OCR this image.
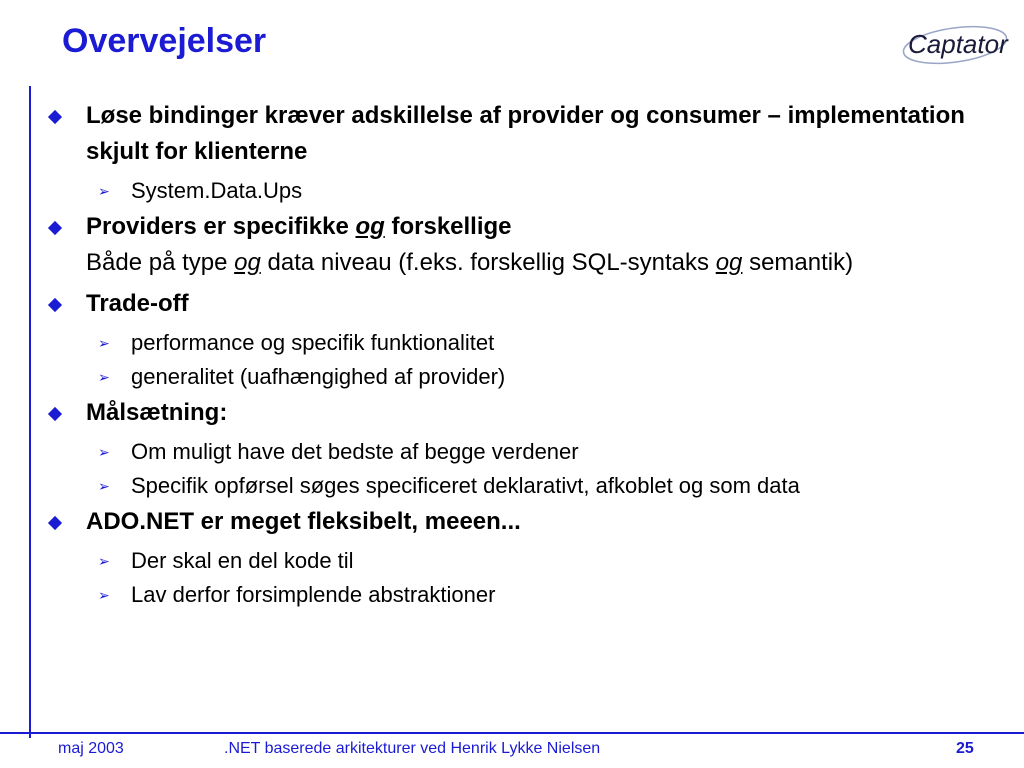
Overvejelser	Captator
Løse bindinger kræver adskillelse af provider og consumer – implementation skjult for klienterne
➢ System.Data.Ups
Providers er specifikke og forskellige
Både på type og data niveau (f.eks. forskellig SQL-syntaks og semantik)
Trade-off
➢ performance og specifik funktionalitet
➢ generalitet (uafhængighed af provider)
Målsætning:
➢ Om muligt have det bedste af begge verdener
➢ Specifik opførsel søges specificeret deklarativt, afkoblet og som data
ADO.NET er meget fleksibelt, meeen...
➢ Der skal en del kode til
➢ Lav derfor forsimplende abstraktioner
maj 2003	.NET baserede arkitekturer ved Henrik Lykke Nielsen	25
